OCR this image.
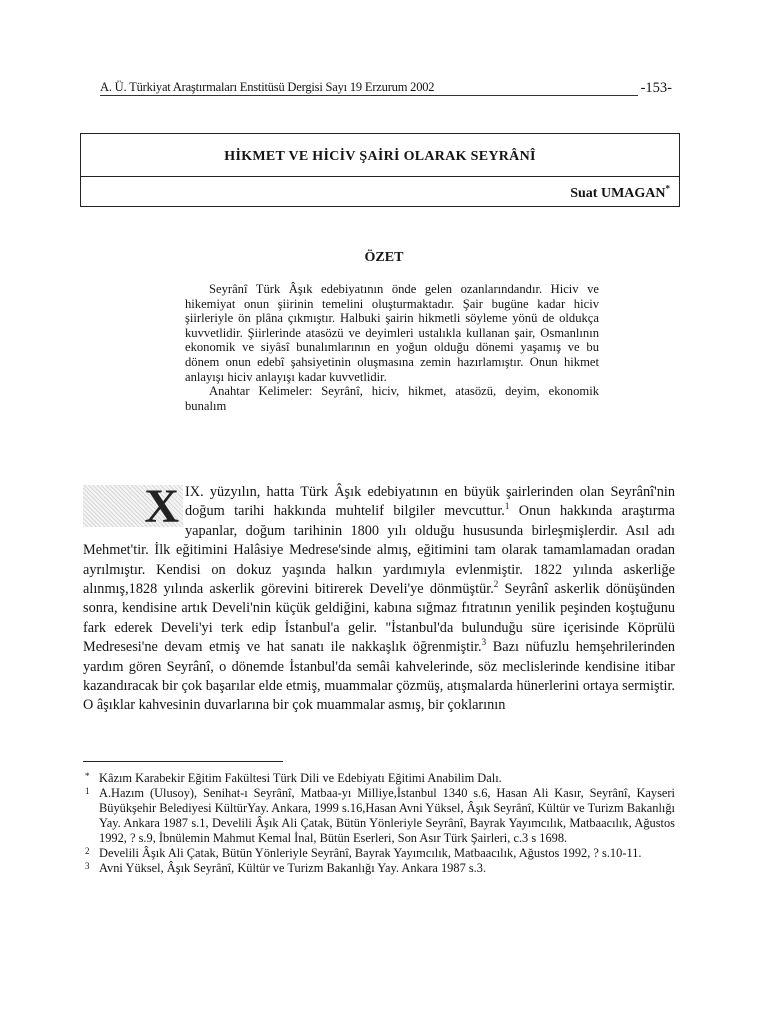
A. Ü. Türkiyat Araştırmaları Enstitüsü Dergisi Sayı 19 Erzurum 2002	-153-
HİKMET VE HİCİV ŞAİRİ OLARAK SEYRÂNÎ
Suat UMAGAN*
ÖZET

Seyrânî Türk Âşık edebiyatının önde gelen ozanlarındandır. Hiciv ve hikemiyat onun şiirinin temelini oluşturmaktadır. Şair bugüne kadar hiciv şiirleriyle ön plâna çıkmıştır. Halbuki şairin hikmetli söyleme yönü de oldukça kuvvetlidir. Şiirlerinde atasözü ve deyimleri ustalıkla kullanan şair, Osmanlının ekonomik ve siyâsî bunalımlarının en yoğun olduğu dönemi yaşamış ve bu dönem onun edebî şahsiyetinin oluşmasına zemin hazırlamıştır. Onun hikmet anlayışı hiciv anlayışı kadar kuvvetlidir.

Anahtar Kelimeler: Seyrânî, hiciv, hikmet, atasözü, deyim, ekonomik bunalım

X IX. yüzyılın, hatta Türk Âşık edebiyatının en büyük şairlerinden olan Seyrânî'nin doğum tarihi hakkında muhtelif bilgiler mevcuttur.$^1$ Onun hakkında araştırma yapanlar, doğum tarihinin 1800 yılı olduğu hususunda birleşmişlerdir. Asıl adı Mehmet'tir. İlk eğitimini Halâsiye Medrese'sinde almış, eğitimini tam olarak tamamlamadan oradan ayrılmıştır. Kendisi on dokuz yaşında halkın yardımıyla evlenmiştir. 1822 yılında askerliğe alınmış,1828 yılında askerlik görevini bitirerek Develi'ye dönmüştür.$^2$ Seyrânî askerlik dönüşünden sonra, kendisine artık Develi'nin küçük geldiğini, kabına sığmaz fıtratının yenilik peşinden koştuğunu fark ederek Develi'yi terk edip İstanbul'a gelir. "İstanbul'da bulunduğu süre içerisinde Köprülü Medresesi'ne devam etmiş ve hat sanatı ile nakkaşlık öğrenmiştir.$^3$ Bazı nüfuzlu hemşehrilerinden yardım gören Seyrânî, o dönemde İstanbul'da semâi kahvelerinde, söz meclislerinde kendisine itibar kazandıracak bir çok başarılar elde etmiş, muammalar çözmüş, atışmalarda hünerlerini ortaya sermiştir. O âşıklar kahvesinin duvarlarına bir çok muammalar asmış, bir çoklarının

* Kâzım Karabekir Eğitim Fakültesi Türk Dili ve Edebiyatı Eğitimi Anabilim Dalı.
1 A.Hazım (Ulusoy), Senihat-ı Seyrânî, Matbaa-yı Milliye,İstanbul 1340 s.6, Hasan Ali Kasır, Seyrânî, Kayseri Büyükşehir Belediyesi KültürYay. Ankara, 1999 s.16,Hasan Avni Yüksel, Âşık Seyrânî, Kültür ve Turizm Bakanlığı Yay. Ankara 1987 s.1, Develili Âşık Ali Çatak, Bütün Yönleriyle Seyrânî, Bayrak Yayımcılık, Matbaacılık, Ağustos 1992, ? s.9, İbnülemin Mahmut Kemal İnal, Bütün Eserleri, Son Asır Türk Şairleri, c.3 s 1698.
2 Develili Âşık Ali Çatak, Bütün Yönleriyle Seyrânî, Bayrak Yayımcılık, Matbaacılık, Ağustos 1992, ? s.10-11.
3 Avni Yüksel, Âşık Seyrânî, Kültür ve Turizm Bakanlığı Yay. Ankara 1987 s.3.
